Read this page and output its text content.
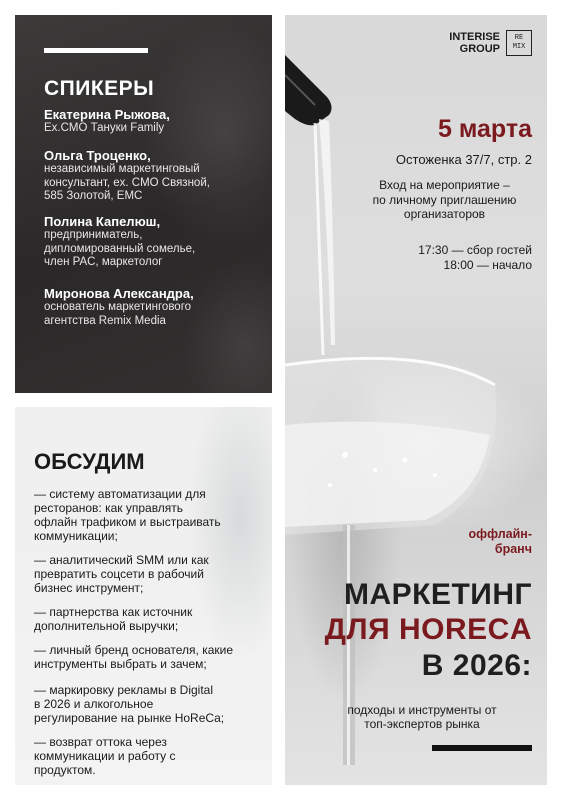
СПИКЕРЫ
Екатерина Рыжова,
Ex.CMO Тануки Family
Ольга Троценко,
независимый маркетинговый
консультант, ex. CMO Связной,
585 Золотой, EMC
Полина Капелюш,
предприниматель,
дипломированный сомелье,
член PAC, маркетолог
Миронова Александра,
основатель маркетингового
агентства Remix Media
ОБСУДИМ
— систему автоматизации для
ресторанов: как управлять
офлайн трафиком и выстраивать
коммуникации;
— аналитический SMM или как
превратить соцсети в рабочий
бизнес инструмент;
— партнерства как источник
дополнительной выручки;
— личный бренд основателя, какие
инструменты выбрать и зачем;
— маркировку рекламы в Digital
в 2026 и алкогольное
регулирование на рынке HoReCa;
— возврат оттока через
коммуникации и работу с
продуктом.
INTERISE
GROUP
RE
MIX
5 марта
Остоженка 37/7, стр. 2
Вход на мероприятие –
по личному приглашению
организаторов
17:30 — сбор гостей
18:00 — начало
оффлайн-
бранч
МАРКЕТИНГ
ДЛЯ HORECA
В 2026:
подходы и инструменты от
топ-экспертов рынка
